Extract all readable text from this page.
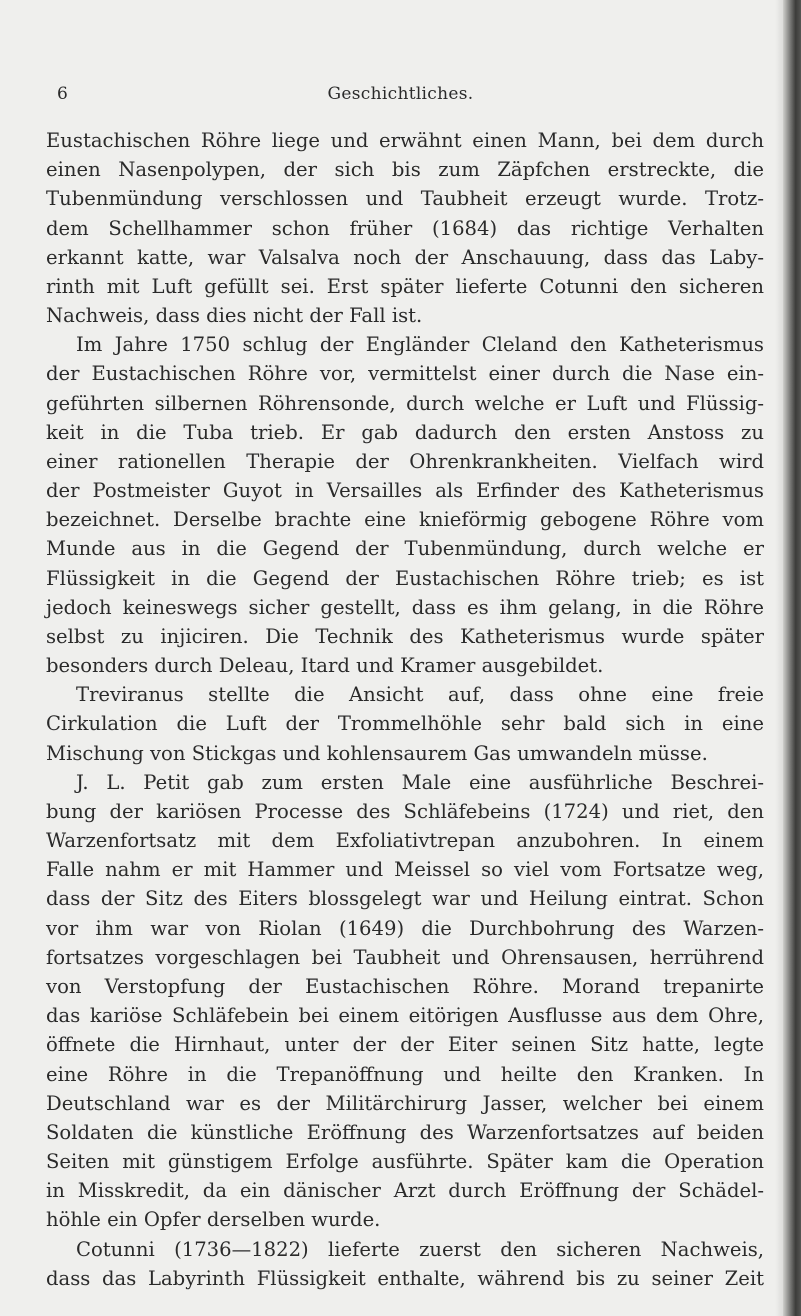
6	Geschichtliches.
Eustachischen Röhre liege und erwähnt einen Mann, bei dem durch
einen Nasenpolypen, der sich bis zum Zäpfchen erstreckte, die
Tubenmündung verschlossen und Taubheit erzeugt wurde. Trotz-
dem Schellhammer schon früher (1684) das richtige Verhalten
erkannt katte, war Valsalva noch der Anschauung, dass das Laby-
rinth mit Luft gefüllt sei. Erst später lieferte Cotunni den sicheren
Nachweis, dass dies nicht der Fall ist.
Im Jahre 1750 schlug der Engländer Cleland den Katheterismus
der Eustachischen Röhre vor, vermittelst einer durch die Nase ein-
geführten silbernen Röhrensonde, durch welche er Luft und Flüssig-
keit in die Tuba trieb. Er gab dadurch den ersten Anstoss zu
einer rationellen Therapie der Ohrenkrankheiten. Vielfach wird
der Postmeister Guyot in Versailles als Erfinder des Katheterismus
bezeichnet. Derselbe brachte eine knieförmig gebogene Röhre vom
Munde aus in die Gegend der Tubenmündung, durch welche er
Flüssigkeit in die Gegend der Eustachischen Röhre trieb; es ist
jedoch keineswegs sicher gestellt, dass es ihm gelang, in die Röhre
selbst zu injiciren. Die Technik des Katheterismus wurde später
besonders durch Deleau, Itard und Kramer ausgebildet.
Treviranus stellte die Ansicht auf, dass ohne eine freie
Cirkulation die Luft der Trommelhöhle sehr bald sich in eine
Mischung von Stickgas und kohlensaurem Gas umwandeln müsse.
J. L. Petit gab zum ersten Male eine ausführliche Beschrei-
bung der kariösen Processe des Schläfebeins (1724) und riet, den
Warzenfortsatz mit dem Exfoliativtrepan anzubohren. In einem
Falle nahm er mit Hammer und Meissel so viel vom Fortsatze weg,
dass der Sitz des Eiters blossgelegt war und Heilung eintrat. Schon
vor ihm war von Riolan (1649) die Durchbohrung des Warzen-
fortsatzes vorgeschlagen bei Taubheit und Ohrensausen, herrührend
von Verstopfung der Eustachischen Röhre. Morand trepanirte
das kariöse Schläfebein bei einem eitörigen Ausflusse aus dem Ohre,
öffnete die Hirnhaut, unter der der Eiter seinen Sitz hatte, legte
eine Röhre in die Trepanöffnung und heilte den Kranken. In
Deutschland war es der Militärchirurg Jasser, welcher bei einem
Soldaten die künstliche Eröffnung des Warzenfortsatzes auf beiden
Seiten mit günstigem Erfolge ausführte. Später kam die Operation
in Misskredit, da ein dänischer Arzt durch Eröffnung der Schädel-
höhle ein Opfer derselben wurde.
Cotunni (1736—1822) lieferte zuerst den sicheren Nachweis,
dass das Labyrinth Flüssigkeit enthalte, während bis zu seiner Zeit
